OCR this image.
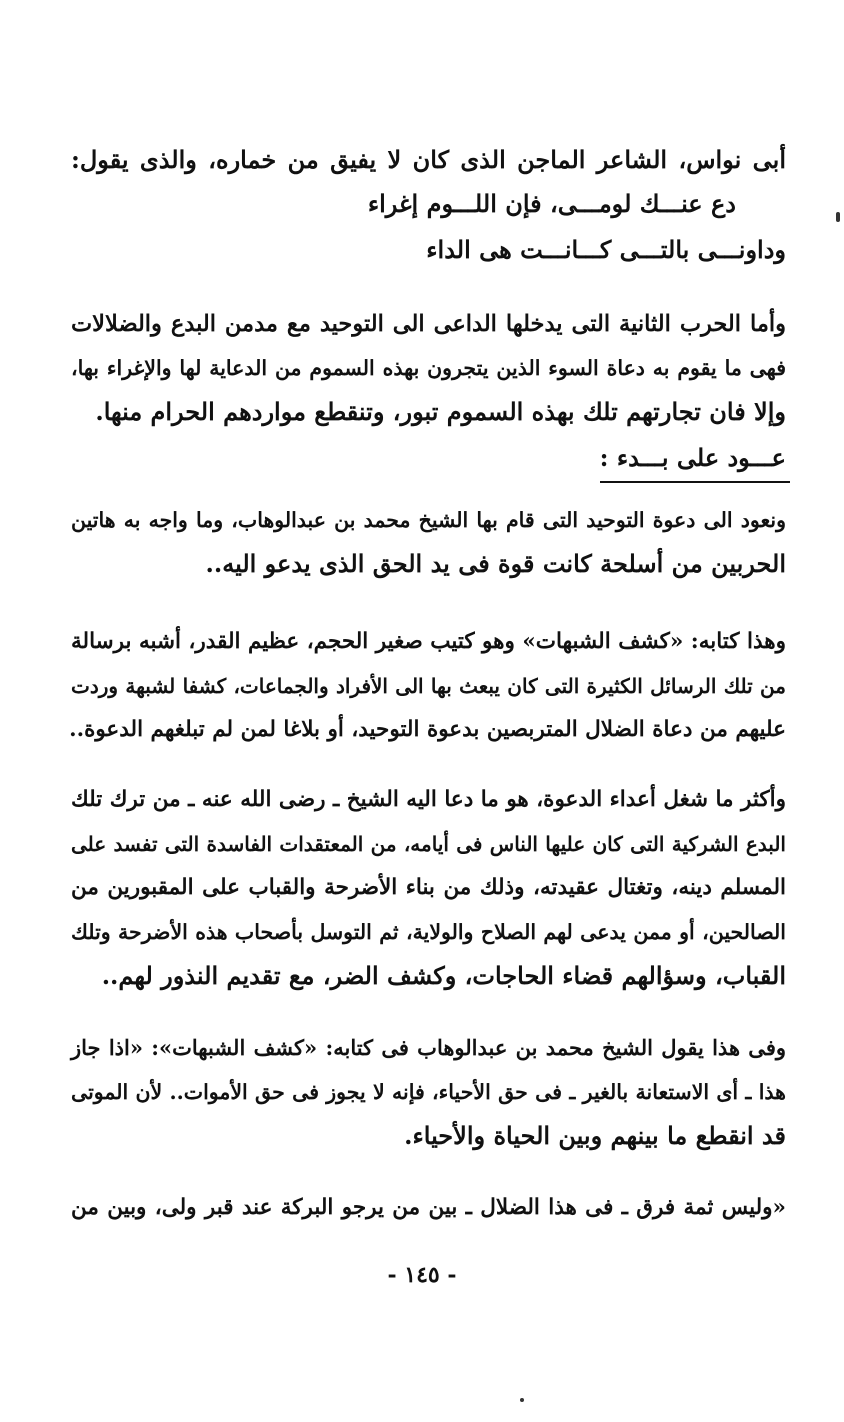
أبى نواس، الشاعر الماجن الذى كان لا يفيق من خماره، والذى يقول:

دع عنـــك لومـــى، فإن اللـــوم إغراء

وداونـــى بالتـــى كـــانـــت هى الداء

وأما الحرب الثانية التى يدخلها الداعى الى التوحيد مع مدمن البدع والضلالات

فهى ما يقوم به دعاة السوء الذين يتجرون بهذه السموم من الدعاية لها والإغراء بها،

وإلا فان تجارتهم تلك بهذه السموم تبور، وتنقطع مواردهم الحرام منها.

عـــود على بـــدء :

ونعود الى دعوة التوحيد التى قام بها الشيخ محمد بن عبدالوهاب، وما واجه به هاتين

الحربين من أسلحة كانت قوة فى يد الحق الذى يدعو اليه..

وهذا كتابه: «كشف الشبهات» وهو كتيب صغير الحجم، عظيم القدر، أشبه برسالة

من تلك الرسائل الكثيرة التى كان يبعث بها الى الأفراد والجماعات، كشفا لشبهة وردت

عليهم من دعاة الضلال المتربصين بدعوة التوحيد، أو بلاغا لمن لم تبلغهم الدعوة..

وأكثر ما شغل أعداء الدعوة، هو ما دعا اليه الشيخ ـ رضى الله عنه ـ من ترك تلك

البدع الشركية التى كان عليها الناس فى أيامه، من المعتقدات الفاسدة التى تفسد على

المسلم دينه، وتغتال عقيدته، وذلك من بناء الأضرحة والقباب على المقبورين من

الصالحين، أو ممن يدعى لهم الصلاح والولاية، ثم التوسل بأصحاب هذه الأضرحة وتلك

القباب، وسؤالهم قضاء الحاجات، وكشف الضر، مع تقديم النذور لهم..

وفى هذا يقول الشيخ محمد بن عبدالوهاب فى كتابه: «كشف الشبهات»: «اذا جاز

هذا ـ أى الاستعانة بالغير ـ فى حق الأحياء، فإنه لا يجوز فى حق الأموات.. لأن الموتى

قد انقطع ما بينهم وبين الحياة والأحياء.

«وليس ثمة فرق ـ فى هذا الضلال ـ بين من يرجو البركة عند قبر ولى، وبين من

- ١٤٥ -
